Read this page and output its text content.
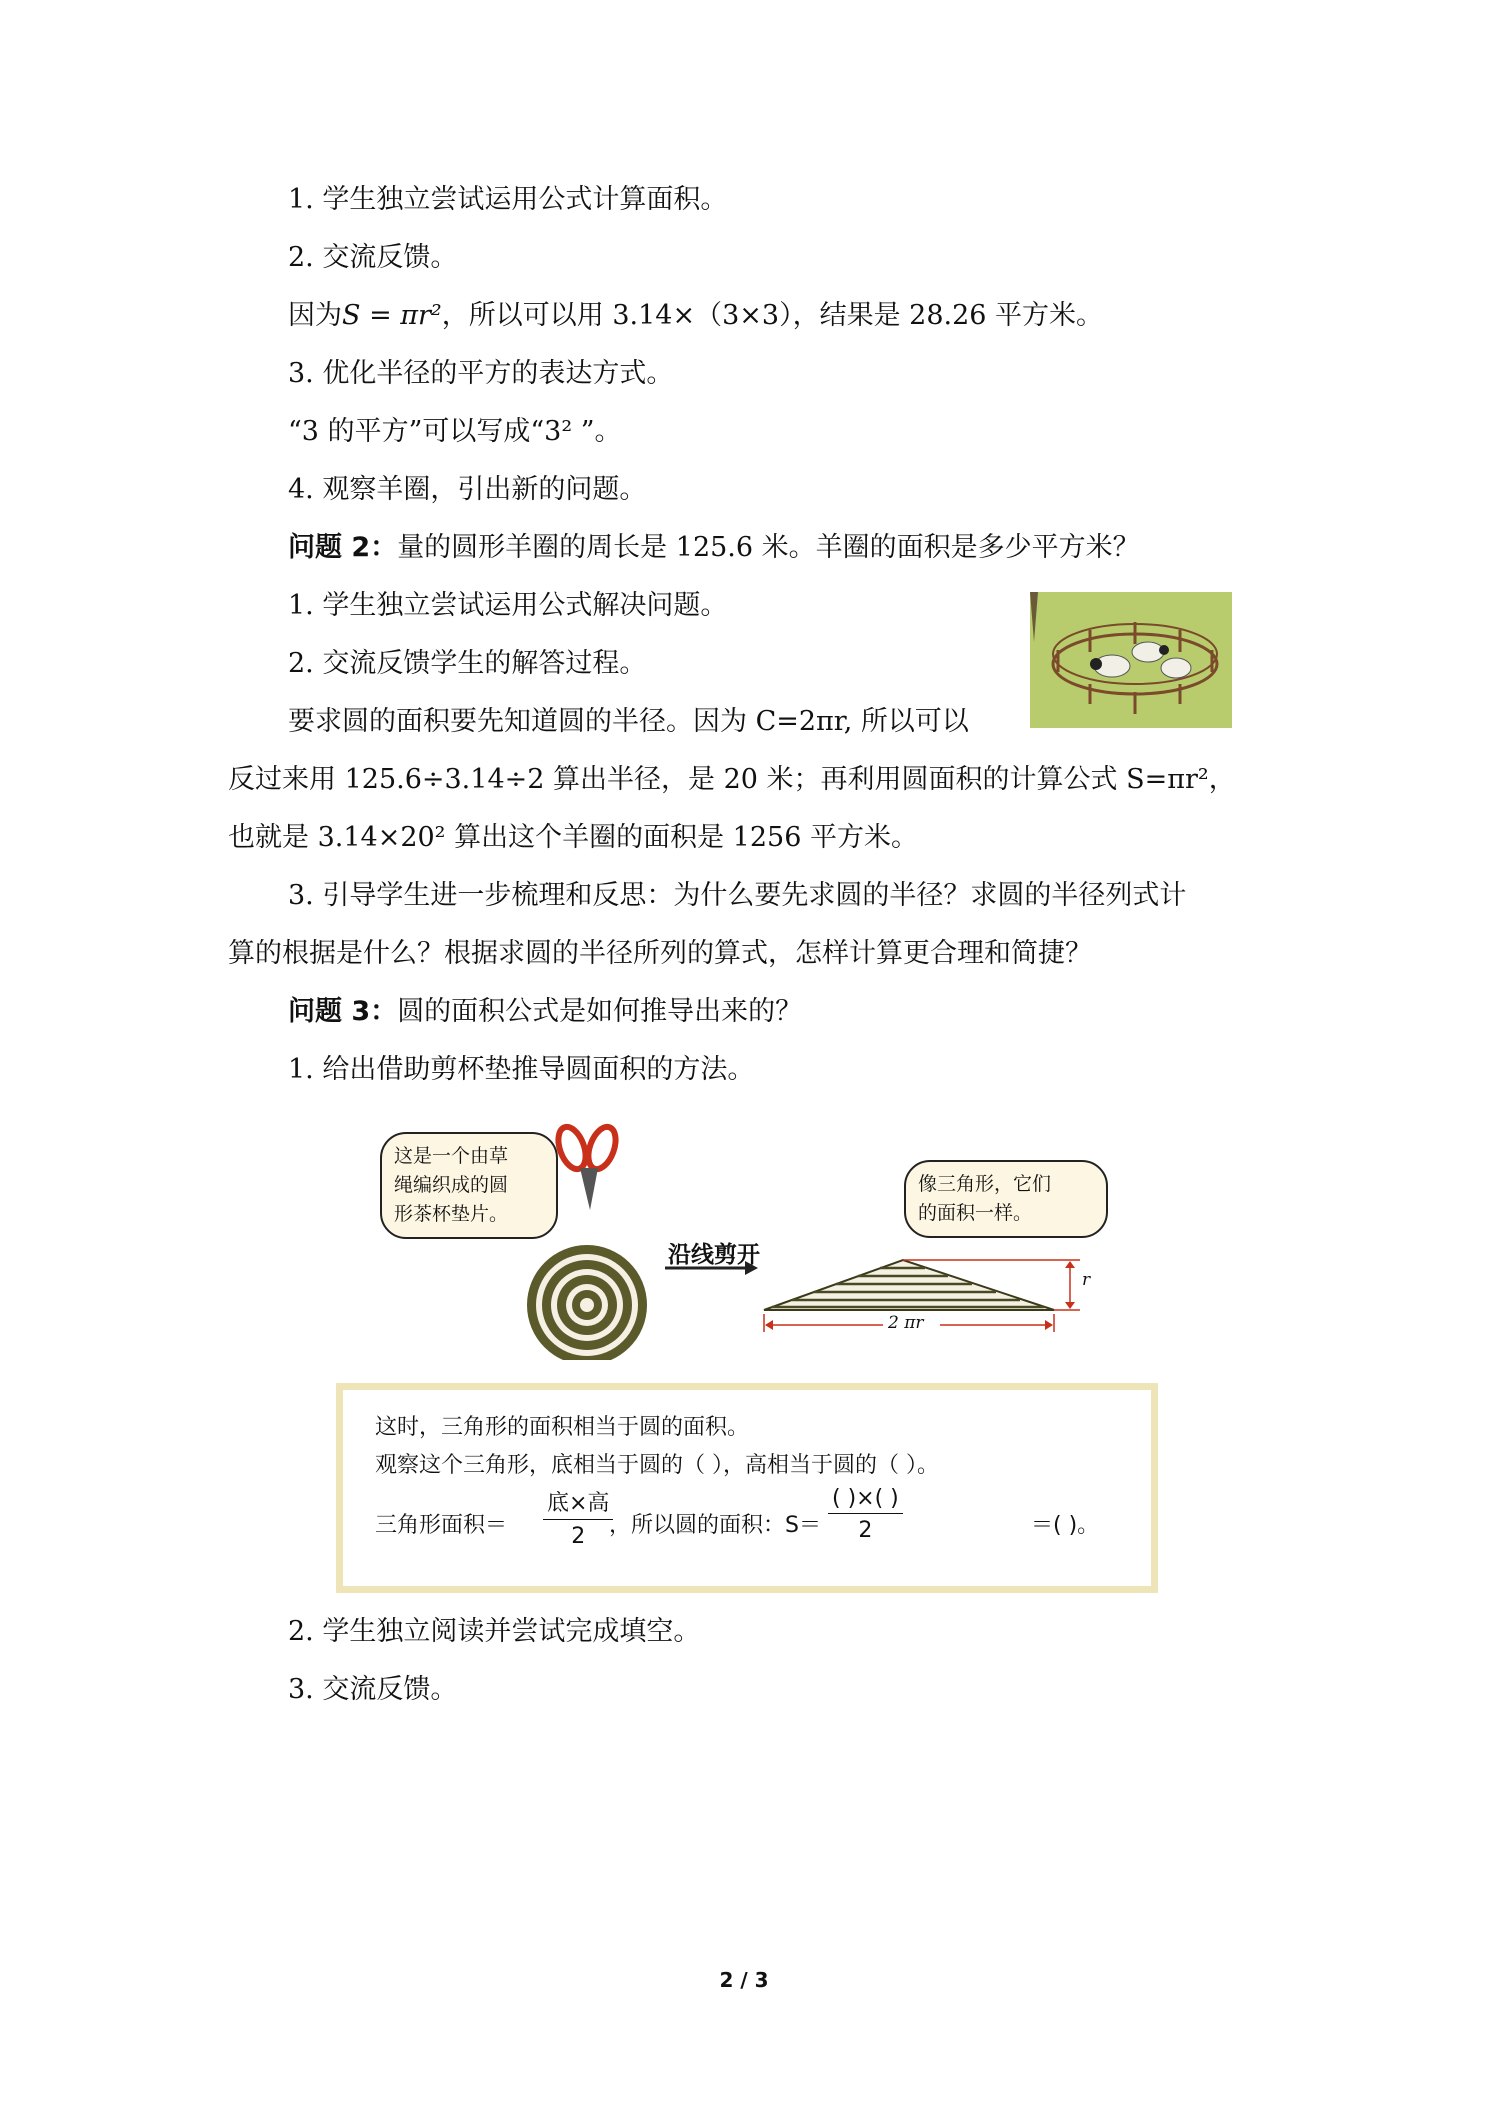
1. 学生独立尝试运用公式计算面积。
2. 交流反馈。
因为S = πr²，所以可以用 3.14×（3×3），结果是 28.26 平方米。
3. 优化半径的平方的表达方式。
“3 的平方”可以写成“3² ”。
4. 观察羊圈，引出新的问题。
问题 2：量的圆形羊圈的周长是 125.6 米。羊圈的面积是多少平方米？
1. 学生独立尝试运用公式解决问题。
2. 交流反馈学生的解答过程。
要求圆的面积要先知道圆的半径。因为 C=2πr, 所以可以
反过来用 125.6÷3.14÷2 算出半径，是 20 米；再利用圆面积的计算公式 S=πr²，
也就是 3.14×20² 算出这个羊圈的面积是 1256 平方米。
3. 引导学生进一步梳理和反思：为什么要先求圆的半径？求圆的半径列式计
算的根据是什么？根据求圆的半径所列的算式，怎样计算更合理和简捷？
问题 3：圆的面积公式是如何推导出来的？
1. 给出借助剪杯垫推导圆面积的方法。
这是一个由草
绳编织成的圆
形茶杯垫片。
像三角形，它们
的面积一样。
沿线剪开
2 πr
r
这时，三角形的面积相当于圆的面积。
观察这个三角形，底相当于圆的（ ），高相当于圆的（ ）。
三角形面积＝
底×高
2	，所以圆的面积：S＝
( )×( )
2	＝( )。
2. 学生独立阅读并尝试完成填空。
3. 交流反馈。
2 / 3
